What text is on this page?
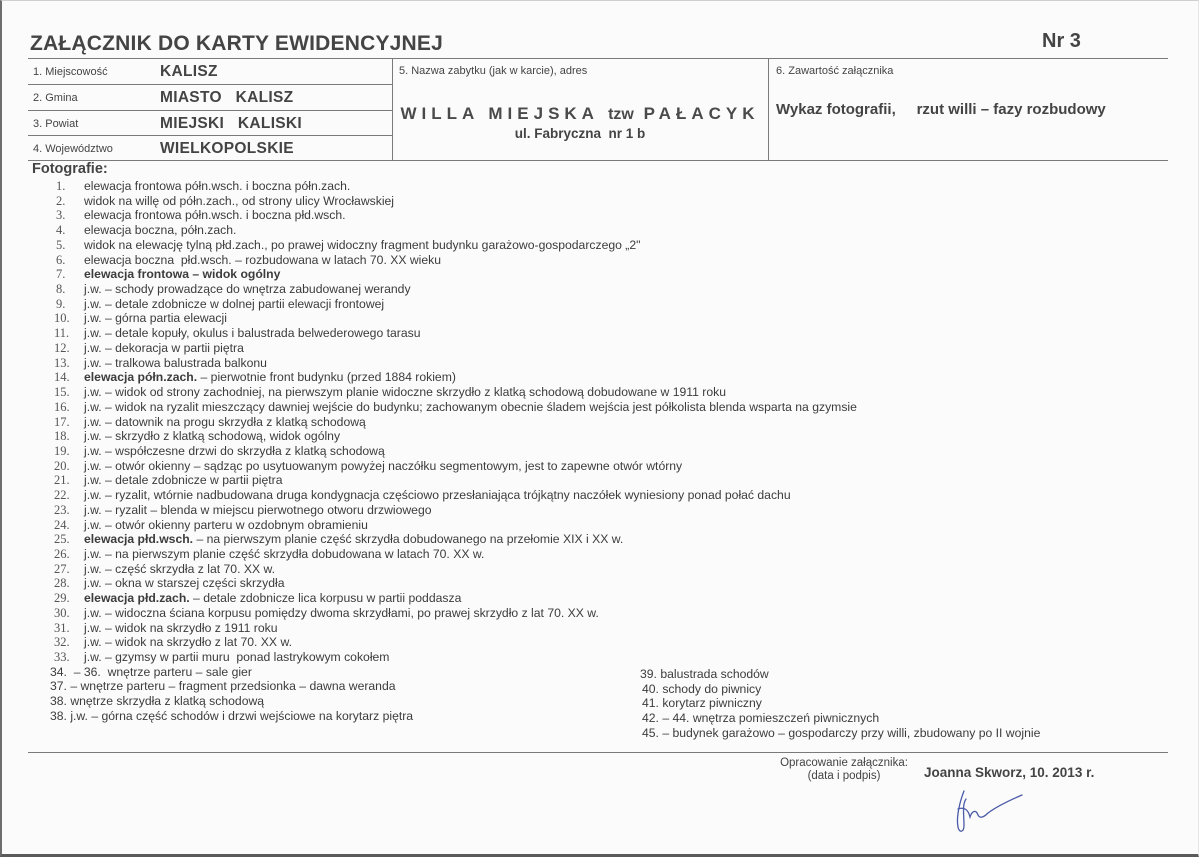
ZAŁĄCZNIK DO KARTY EWIDENCYJNEJ	Nr 3
1. Miejscowość	KALISZ
2. Gmina	MIASTO   KALISZ
3. Powiat	MIEJSKI   KALISKI
4. Województwo	WIELKOPOLSKIE
5. Nazwa zabytku (jak w karcie), adres
WILLA MIEJSKA tzw PAŁACYK
ul. Fabryczna  nr 1 b
6. Zawartość załącznika
Wykaz fotografii,     rzut willi – fazy rozbudowy
Fotografie:
1. elewacja frontowa półn.wsch. i boczna półn.zach.
2. widok na willę od półn.zach., od strony ulicy Wrocławskiej
3. elewacja frontowa półn.wsch. i boczna płd.wsch.
4. elewacja boczna, półn.zach.
5. widok na elewację tylną płd.zach., po prawej widoczny fragment budynku garażowo-gospodarczego „2"
6. elewacja boczna  płd.wsch. – rozbudowana w latach 70. XX wieku
7. elewacja frontowa – widok ogólny
8. j.w. – schody prowadzące do wnętrza zabudowanej werandy
9. j.w. – detale zdobnicze w dolnej partii elewacji frontowej
10. j.w. – górna partia elewacji
11. j.w. – detale kopuły, okulus i balustrada belwederowego tarasu
12. j.w. – dekoracja w partii piętra
13. j.w. – tralkowa balustrada balkonu
14. elewacja półn.zach. – pierwotnie front budynku (przed 1884 rokiem)
15. j.w. – widok od strony zachodniej, na pierwszym planie widoczne skrzydło z klatką schodową dobudowane w 1911 roku
16. j.w. – widok na ryzalit mieszczący dawniej wejście do budynku; zachowanym obecnie śladem wejścia jest półkolista blenda wsparta na gzymsie
17. j.w. – datownik na progu skrzydła z klatką schodową
18. j.w. – skrzydło z klatką schodową, widok ogólny
19. j.w. – współczesne drzwi do skrzydła z klatką schodową
20. j.w. – otwór okienny – sądząc po usytuowanym powyżej naczółku segmentowym, jest to zapewne otwór wtórny
21. j.w. – detale zdobnicze w partii piętra
22. j.w. – ryzalit, wtórnie nadbudowana druga kondygnacja częściowo przesłaniająca trójkątny naczółek wyniesiony ponad połać dachu
23. j.w. – ryzalit – blenda w miejscu pierwotnego otworu drzwiowego
24. j.w. – otwór okienny parteru w ozdobnym obramieniu
25. elewacja płd.wsch. – na pierwszym planie część skrzydła dobudowanego na przełomie XIX i XX w.
26. j.w. – na pierwszym planie część skrzydła dobudowana w latach 70. XX w.
27. j.w. – część skrzydła z lat 70. XX w.
28. j.w. – okna w starszej części skrzydła
29. elewacja płd.zach. – detale zdobnicze lica korpusu w partii poddasza
30. j.w. – widoczna ściana korpusu pomiędzy dwoma skrzydłami, po prawej skrzydło z lat 70. XX w.
31. j.w. – widok na skrzydło z 1911 roku
32. j.w. – widok na skrzydło z lat 70. XX w.
33. j.w. – gzymsy w partii muru  ponad lastrykowym cokołem
34.  – 36.  wnętrze parteru – sale gier
37. – wnętrze parteru – fragment przedsionka – dawna weranda
38. wnętrze skrzydła z klatką schodową
38. j.w. – górna część schodów i drzwi wejściowe na korytarz piętra
39. balustrada schodów
40. schody do piwnicy
41. korytarz piwniczny
42. – 44. wnętrza pomieszczeń piwnicznych
45. – budynek garażowo – gospodarczy przy willi, zbudowany po II wojnie
Opracowanie załącznika:
(data i podpis)	Joanna Skworz, 10. 2013 r.
